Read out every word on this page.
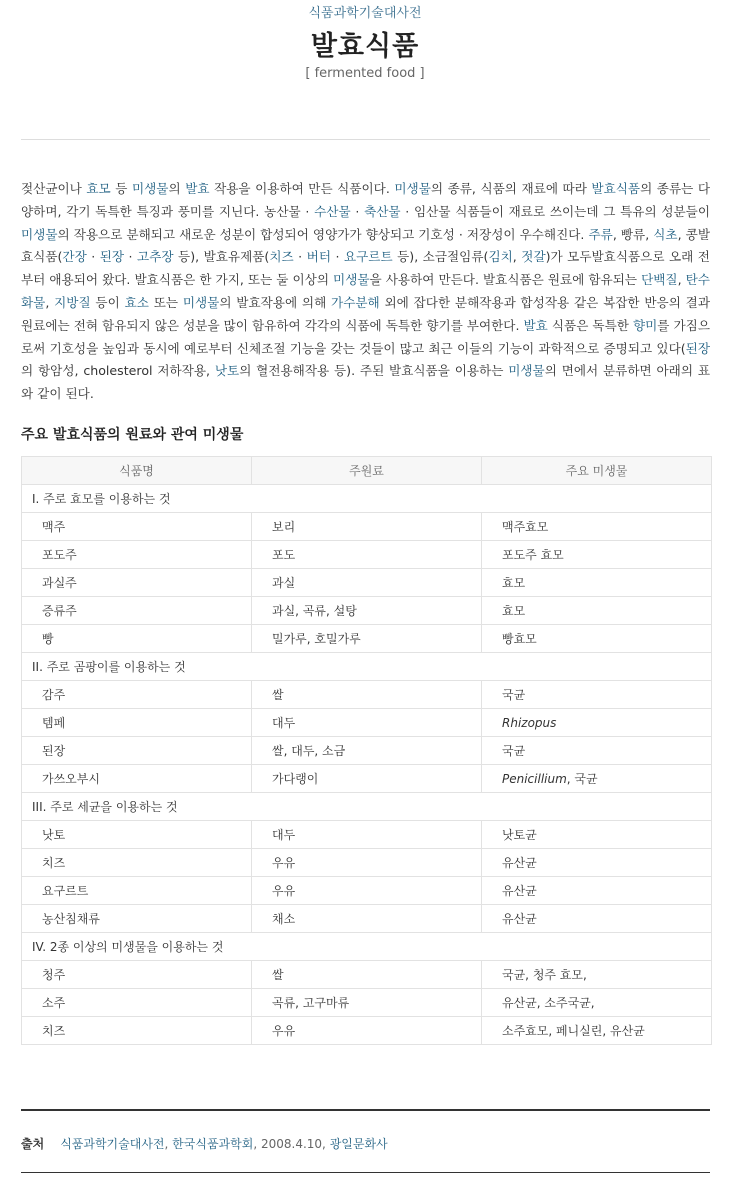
식품과학기술대사전
발효식품
[ fermented food ]
젖산균이나 효모 등 미생물의 발효 작용을 이용하여 만든 식품이다. 미생물의 종류, 식품의 재료에 따라 발효식품의 종류는 다양하며, 각기 독특한 특징과 풍미를 지닌다. 농산물 · 수산물 · 축산물 · 임산물 식품들이 재료로 쓰이는데 그 특유의 성분들이 미생물의 작용으로 분해되고 새로운 성분이 합성되어 영양가가 향상되고 기호성 · 저장성이 우수해진다. 주류, 빵류, 식초, 콩발효식품(간장 · 된장 · 고추장 등), 발효유제품(치즈 · 버터 · 요구르트 등), 소금절임류(김치, 젓갈)가 모두발효식품으로 오래 전부터 애용되어 왔다. 발효식품은 한 가지, 또는 둘 이상의 미생물을 사용하여 만든다. 발효식품은 원료에 함유되는 단백질, 탄수화물, 지방질 등이 효소 또는 미생물의 발효작용에 의해 가수분해 외에 잡다한 분해작용과 합성작용 같은 복잡한 반응의 결과 원료에는 전혀 함유되지 않은 성분을 많이 함유하여 각각의 식품에 독특한 향기를 부여한다. 발효 식품은 독특한 향미를 가짐으로써 기호성을 높임과 동시에 예로부터 신체조절 기능을 갖는 것들이 많고 최근 이들의 기능이 과학적으로 증명되고 있다(된장의 항암성, cholesterol 저하작용, 낫토의 혈전용해작용 등). 주된 발효식품을 이용하는 미생물의 면에서 분류하면 아래의 표와 같이 된다.
주요 발효식품의 원료와 관여 미생물
식품명	주원료	주요 미생물
I. 주로 효모를 이용하는 것		
맥주	보리	맥주효모
포도주	포도	포도주 효모
과실주	과실	효모
증류주	과실, 곡류, 설탕	효모
빵	밀가루, 호밀가루	빵효모
II. 주로 곰팡이를 이용하는 것		
감주	쌀	국균
템페	대두	Rhizopus
된장	쌀, 대두, 소금	국균
가쓰오부시	가다랭이	Penicillium, 국균
III. 주로 세균을 이용하는 것		
낫토	대두	낫토균
치즈	우유	유산균
요구르트	우유	유산균
농산침채류	채소	유산균
IV. 2종 이상의 미생물을 이용하는 것		
청주	쌀	국균, 청주 효모,
소주	곡류, 고구마류	유산균, 소주국균,
치즈	우유	소주효모, 페니실린, 유산균
출처 식품과학기술대사전, 한국식품과학회, 2008.4.10, 광일문화사
